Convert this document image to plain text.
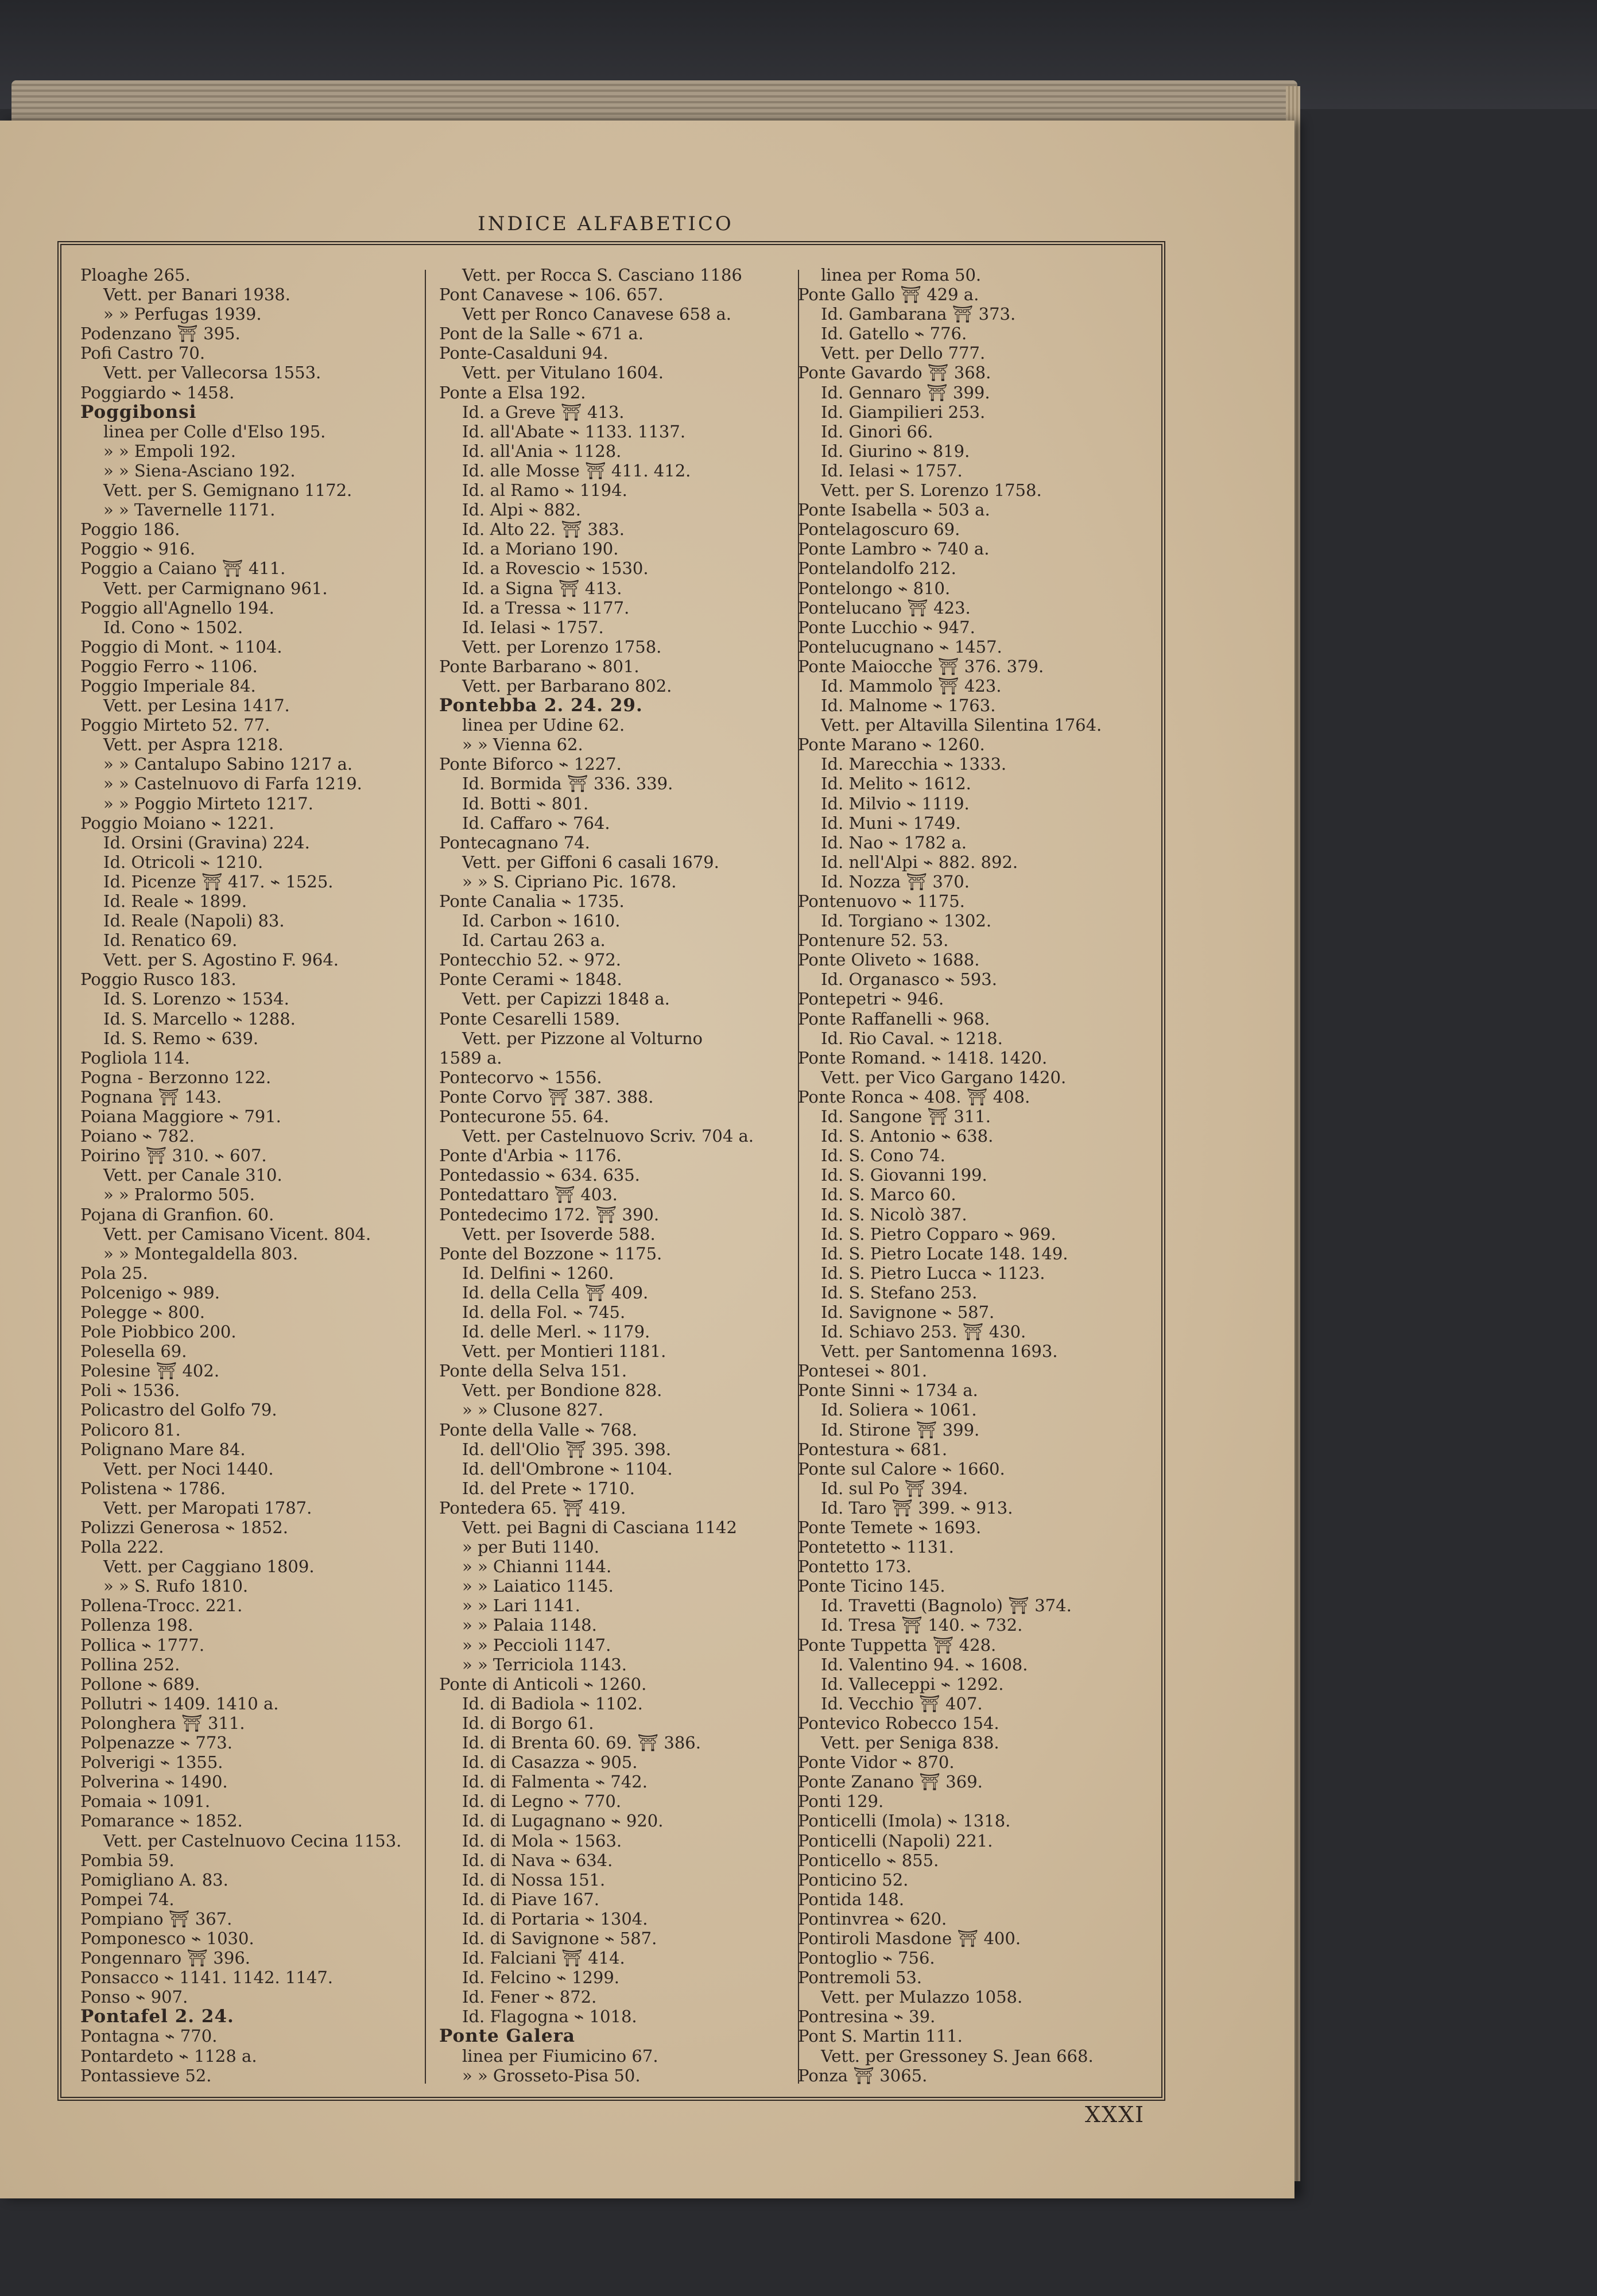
INDICE ALFABETICO
Ploaghe 265.
Vett. per Banari 1938.
» » Perfugas 1939.
Podenzano ⛩ 395.
Pofi Castro 70.
Vett. per Vallecorsa 1553.
Poggiardo ⌁ 1458.
Poggibonsi
linea per Colle d'Elso 195.
» » Empoli 192.
» » Siena-Asciano 192.
Vett. per S. Gemignano 1172.
» » Tavernelle 1171.
Poggio 186.
Poggio ⌁ 916.
Poggio a Caiano ⛩ 411.
Vett. per Carmignano 961.
Poggio all'Agnello 194.
Id. Cono ⌁ 1502.
Poggio di Mont. ⌁ 1104.
Poggio Ferro ⌁ 1106.
Poggio Imperiale 84.
Vett. per Lesina 1417.
Poggio Mirteto 52. 77.
Vett. per Aspra 1218.
» » Cantalupo Sabino 1217 a.
» » Castelnuovo di Farfa 1219.
» » Poggio Mirteto 1217.
Poggio Moiano ⌁ 1221.
Id. Orsini (Gravina) 224.
Id. Otricoli ⌁ 1210.
Id. Picenze ⛩ 417. ⌁ 1525.
Id. Reale ⌁ 1899.
Id. Reale (Napoli) 83.
Id. Renatico 69.
Vett. per S. Agostino F. 964.
Poggio Rusco 183.
Id. S. Lorenzo ⌁ 1534.
Id. S. Marcello ⌁ 1288.
Id. S. Remo ⌁ 639.
Pogliola 114.
Pogna - Berzonno 122.
Pognana ⛩ 143.
Poiana Maggiore ⌁ 791.
Poiano ⌁ 782.
Poirino ⛩ 310. ⌁ 607.
Vett. per Canale 310.
» » Pralormo 505.
Pojana di Granfion. 60.
Vett. per Camisano Vicent. 804.
» » Montegaldella 803.
Pola 25.
Polcenigo ⌁ 989.
Polegge ⌁ 800.
Pole Piobbico 200.
Polesella 69.
Polesine ⛩ 402.
Poli ⌁ 1536.
Policastro del Golfo 79.
Policoro 81.
Polignano Mare 84.
Vett. per Noci 1440.
Polistena ⌁ 1786.
Vett. per Maropati 1787.
Polizzi Generosa ⌁ 1852.
Polla 222.
Vett. per Caggiano 1809.
» » S. Rufo 1810.
Pollena-Trocc. 221.
Pollenza 198.
Pollica ⌁ 1777.
Pollina 252.
Pollone ⌁ 689.
Pollutri ⌁ 1409. 1410 a.
Polonghera ⛩ 311.
Polpenazze ⌁ 773.
Polverigi ⌁ 1355.
Polverina ⌁ 1490.
Pomaia ⌁ 1091.
Pomarance ⌁ 1852.
Vett. per Castelnuovo Cecina 1153.
Pombia 59.
Pomigliano A. 83.
Pompei 74.
Pompiano ⛩ 367.
Pomponesco ⌁ 1030.
Pongennaro ⛩ 396.
Ponsacco ⌁ 1141. 1142. 1147.
Ponso ⌁ 907.
Pontafel 2. 24.
Pontagna ⌁ 770.
Pontardeto ⌁ 1128 a.
Pontassieve 52.
Vett. per Rocca S. Casciano 1186
Pont Canavese ⌁ 106. 657.
Vett per Ronco Canavese 658 a.
Pont de la Salle ⌁ 671 a.
Ponte-Casalduni 94.
Vett. per Vitulano 1604.
Ponte a Elsa 192.
Id. a Greve ⛩ 413.
Id. all'Abate ⌁ 1133. 1137.
Id. all'Ania ⌁ 1128.
Id. alle Mosse ⛩ 411. 412.
Id. al Ramo ⌁ 1194.
Id. Alpi ⌁ 882.
Id. Alto 22. ⛩ 383.
Id. a Moriano 190.
Id. a Rovescio ⌁ 1530.
Id. a Signa ⛩ 413.
Id. a Tressa ⌁ 1177.
Id. Ielasi ⌁ 1757.
Vett. per Lorenzo 1758.
Ponte Barbarano ⌁ 801.
Vett. per Barbarano 802.
Pontebba 2. 24. 29.
linea per Udine 62.
» » Vienna 62.
Ponte Biforco ⌁ 1227.
Id. Bormida ⛩ 336. 339.
Id. Botti ⌁ 801.
Id. Caffaro ⌁ 764.
Pontecagnano 74.
Vett. per Giffoni 6 casali 1679.
» » S. Cipriano Pic. 1678.
Ponte Canalia ⌁ 1735.
Id. Carbon ⌁ 1610.
Id. Cartau 263 a.
Pontecchio 52. ⌁ 972.
Ponte Cerami ⌁ 1848.
Vett. per Capizzi 1848 a.
Ponte Cesarelli 1589.
Vett. per Pizzone al Volturno
1589 a.
Pontecorvo ⌁ 1556.
Ponte Corvo ⛩ 387. 388.
Pontecurone 55. 64.
Vett. per Castelnuovo Scriv. 704 a.
Ponte d'Arbia ⌁ 1176.
Pontedassio ⌁ 634. 635.
Pontedattaro ⛩ 403.
Pontedecimo 172. ⛩ 390.
Vett. per Isoverde 588.
Ponte del Bozzone ⌁ 1175.
Id. Delfini ⌁ 1260.
Id. della Cella ⛩ 409.
Id. della Fol. ⌁ 745.
Id. delle Merl. ⌁ 1179.
Vett. per Montieri 1181.
Ponte della Selva 151.
Vett. per Bondione 828.
» » Clusone 827.
Ponte della Valle ⌁ 768.
Id. dell'Olio ⛩ 395. 398.
Id. dell'Ombrone ⌁ 1104.
Id. del Prete ⌁ 1710.
Pontedera 65. ⛩ 419.
Vett. pei Bagni di Casciana 1142
» per Buti 1140.
» » Chianni 1144.
» » Laiatico 1145.
» » Lari 1141.
» » Palaia 1148.
» » Peccioli 1147.
» » Terriciola 1143.
Ponte di Anticoli ⌁ 1260.
Id. di Badiola ⌁ 1102.
Id. di Borgo 61.
Id. di Brenta 60. 69. ⛩ 386.
Id. di Casazza ⌁ 905.
Id. di Falmenta ⌁ 742.
Id. di Legno ⌁ 770.
Id. di Lugagnano ⌁ 920.
Id. di Mola ⌁ 1563.
Id. di Nava ⌁ 634.
Id. di Nossa 151.
Id. di Piave 167.
Id. di Portaria ⌁ 1304.
Id. di Savignone ⌁ 587.
Id. Falciani ⛩ 414.
Id. Felcino ⌁ 1299.
Id. Fener ⌁ 872.
Id. Flagogna ⌁ 1018.
Ponte Galera
linea per Fiumicino 67.
» » Grosseto-Pisa 50.
linea per Roma 50.
Ponte Gallo ⛩ 429 a.
Id. Gambarana ⛩ 373.
Id. Gatello ⌁ 776.
Vett. per Dello 777.
Ponte Gavardo ⛩ 368.
Id. Gennaro ⛩ 399.
Id. Giampilieri 253.
Id. Ginori 66.
Id. Giurino ⌁ 819.
Id. Ielasi ⌁ 1757.
Vett. per S. Lorenzo 1758.
Ponte Isabella ⌁ 503 a.
Pontelagoscuro 69.
Ponte Lambro ⌁ 740 a.
Pontelandolfo 212.
Pontelongo ⌁ 810.
Pontelucano ⛩ 423.
Ponte Lucchio ⌁ 947.
Pontelucugnano ⌁ 1457.
Ponte Maiocche ⛩ 376. 379.
Id. Mammolo ⛩ 423.
Id. Malnome ⌁ 1763.
Vett. per Altavilla Silentina 1764.
Ponte Marano ⌁ 1260.
Id. Marecchia ⌁ 1333.
Id. Melito ⌁ 1612.
Id. Milvio ⌁ 1119.
Id. Muni ⌁ 1749.
Id. Nao ⌁ 1782 a.
Id. nell'Alpi ⌁ 882. 892.
Id. Nozza ⛩ 370.
Pontenuovo ⌁ 1175.
Id. Torgiano ⌁ 1302.
Pontenure 52. 53.
Ponte Oliveto ⌁ 1688.
Id. Organasco ⌁ 593.
Pontepetri ⌁ 946.
Ponte Raffanelli ⌁ 968.
Id. Rio Caval. ⌁ 1218.
Ponte Romand. ⌁ 1418. 1420.
Vett. per Vico Gargano 1420.
Ponte Ronca ⌁ 408. ⛩ 408.
Id. Sangone ⛩ 311.
Id. S. Antonio ⌁ 638.
Id. S. Cono 74.
Id. S. Giovanni 199.
Id. S. Marco 60.
Id. S. Nicolò 387.
Id. S. Pietro Copparo ⌁ 969.
Id. S. Pietro Locate 148. 149.
Id. S. Pietro Lucca ⌁ 1123.
Id. S. Stefano 253.
Id. Savignone ⌁ 587.
Id. Schiavo 253. ⛩ 430.
Vett. per Santomenna 1693.
Pontesei ⌁ 801.
Ponte Sinni ⌁ 1734 a.
Id. Soliera ⌁ 1061.
Id. Stirone ⛩ 399.
Pontestura ⌁ 681.
Ponte sul Calore ⌁ 1660.
Id. sul Po ⛩ 394.
Id. Taro ⛩ 399. ⌁ 913.
Ponte Temete ⌁ 1693.
Pontetetto ⌁ 1131.
Pontetto 173.
Ponte Ticino 145.
Id. Travetti (Bagnolo) ⛩ 374.
Id. Tresa ⛩ 140. ⌁ 732.
Ponte Tuppetta ⛩ 428.
Id. Valentino 94. ⌁ 1608.
Id. Valleceppi ⌁ 1292.
Id. Vecchio ⛩ 407.
Pontevico Robecco 154.
Vett. per Seniga 838.
Ponte Vidor ⌁ 870.
Ponte Zanano ⛩ 369.
Ponti 129.
Ponticelli (Imola) ⌁ 1318.
Ponticelli (Napoli) 221.
Ponticello ⌁ 855.
Ponticino 52.
Pontida 148.
Pontinvrea ⌁ 620.
Pontiroli Masdone ⛩ 400.
Pontoglio ⌁ 756.
Pontremoli 53.
Vett. per Mulazzo 1058.
Pontresina ⌁ 39.
Pont S. Martin 111.
Vett. per Gressoney S. Jean 668.
Ponza ⛩ 3065.
XXXI
